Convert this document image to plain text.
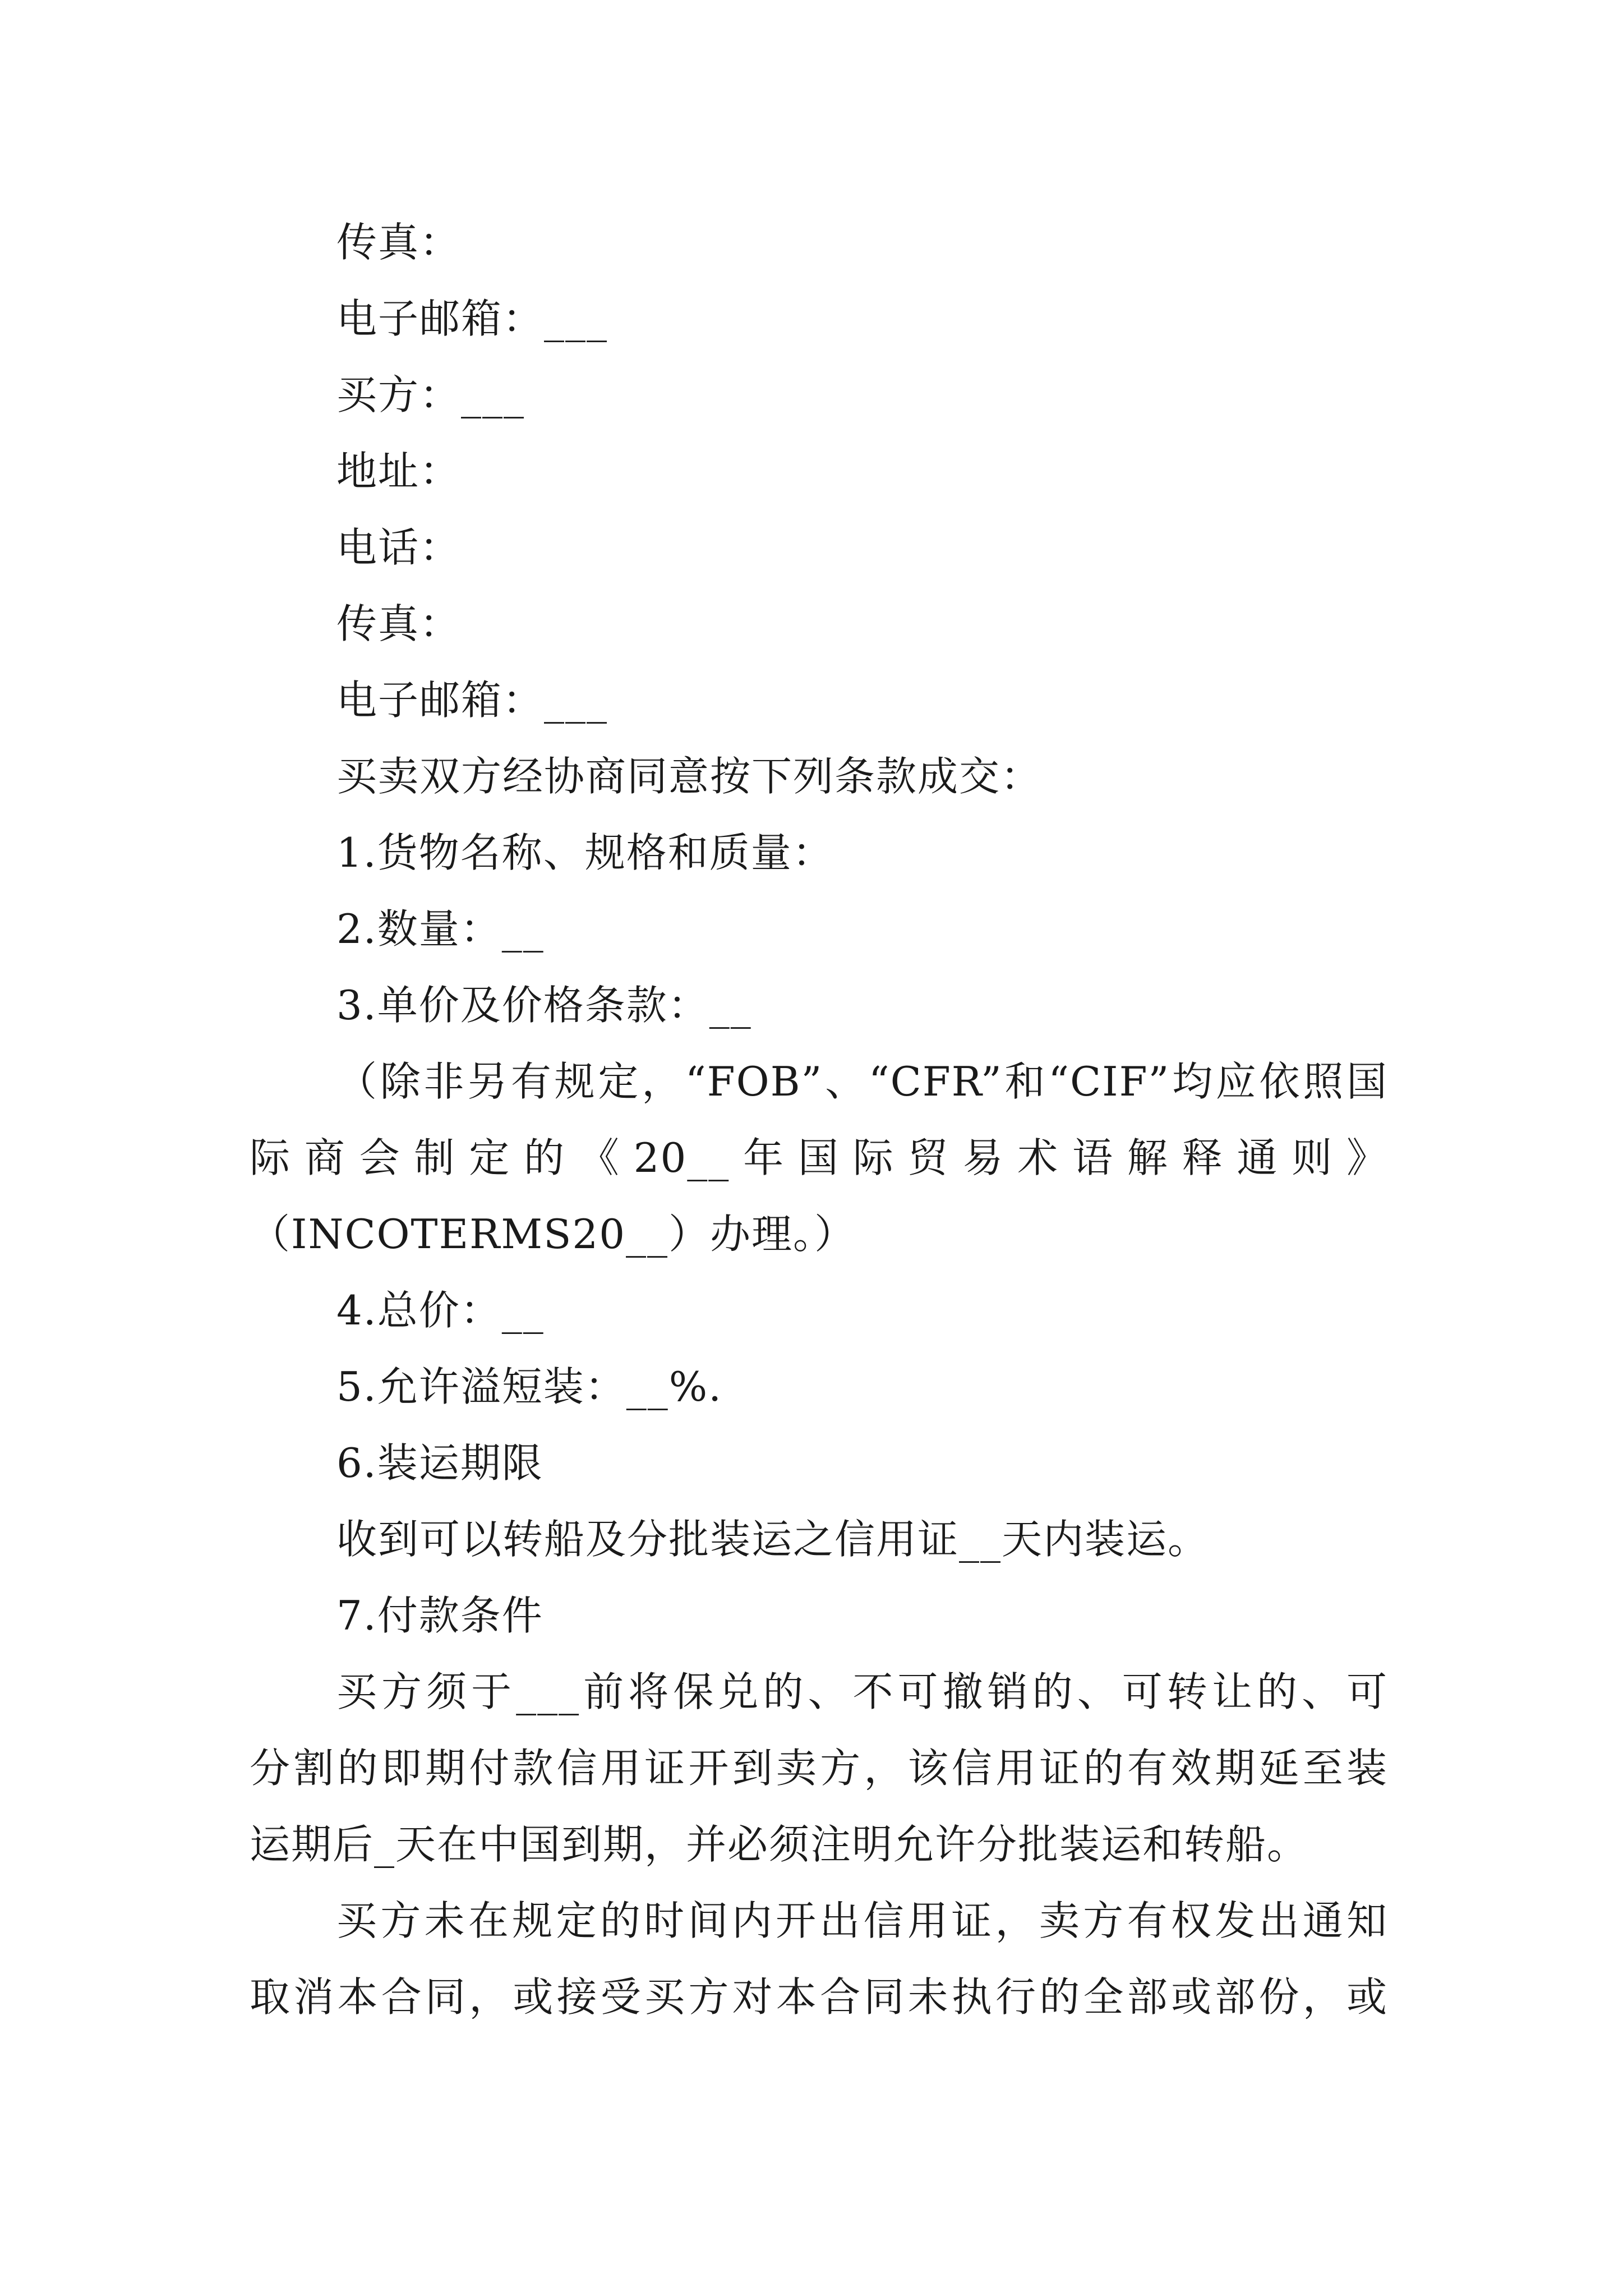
传真：
电子邮箱：___
买方：___
地址：
电话：
传真：
电子邮箱：___
买卖双方经协商同意按下列条款成交：
1.货物名称、规格和质量：
2.数量：__
3.单价及价格条款：__
（除非另有规定，“FOB”、“CFR”和“CIF”均应依照国
际商会制定的《20__年国际贸易术语解释通则》
（INCOTERMS20__）办理。）
4.总价：__
5.允许溢短装：__%.
6.装运期限
收到可以转船及分批装运之信用证__天内装运。
7.付款条件
买方须于___前将保兑的、不可撤销的、可转让的、可
分割的即期付款信用证开到卖方，该信用证的有效期延至装
运期后_天在中国到期，并必须注明允许分批装运和转船。
买方未在规定的时间内开出信用证，卖方有权发出通知
取消本合同，或接受买方对本合同未执行的全部或部份，或
